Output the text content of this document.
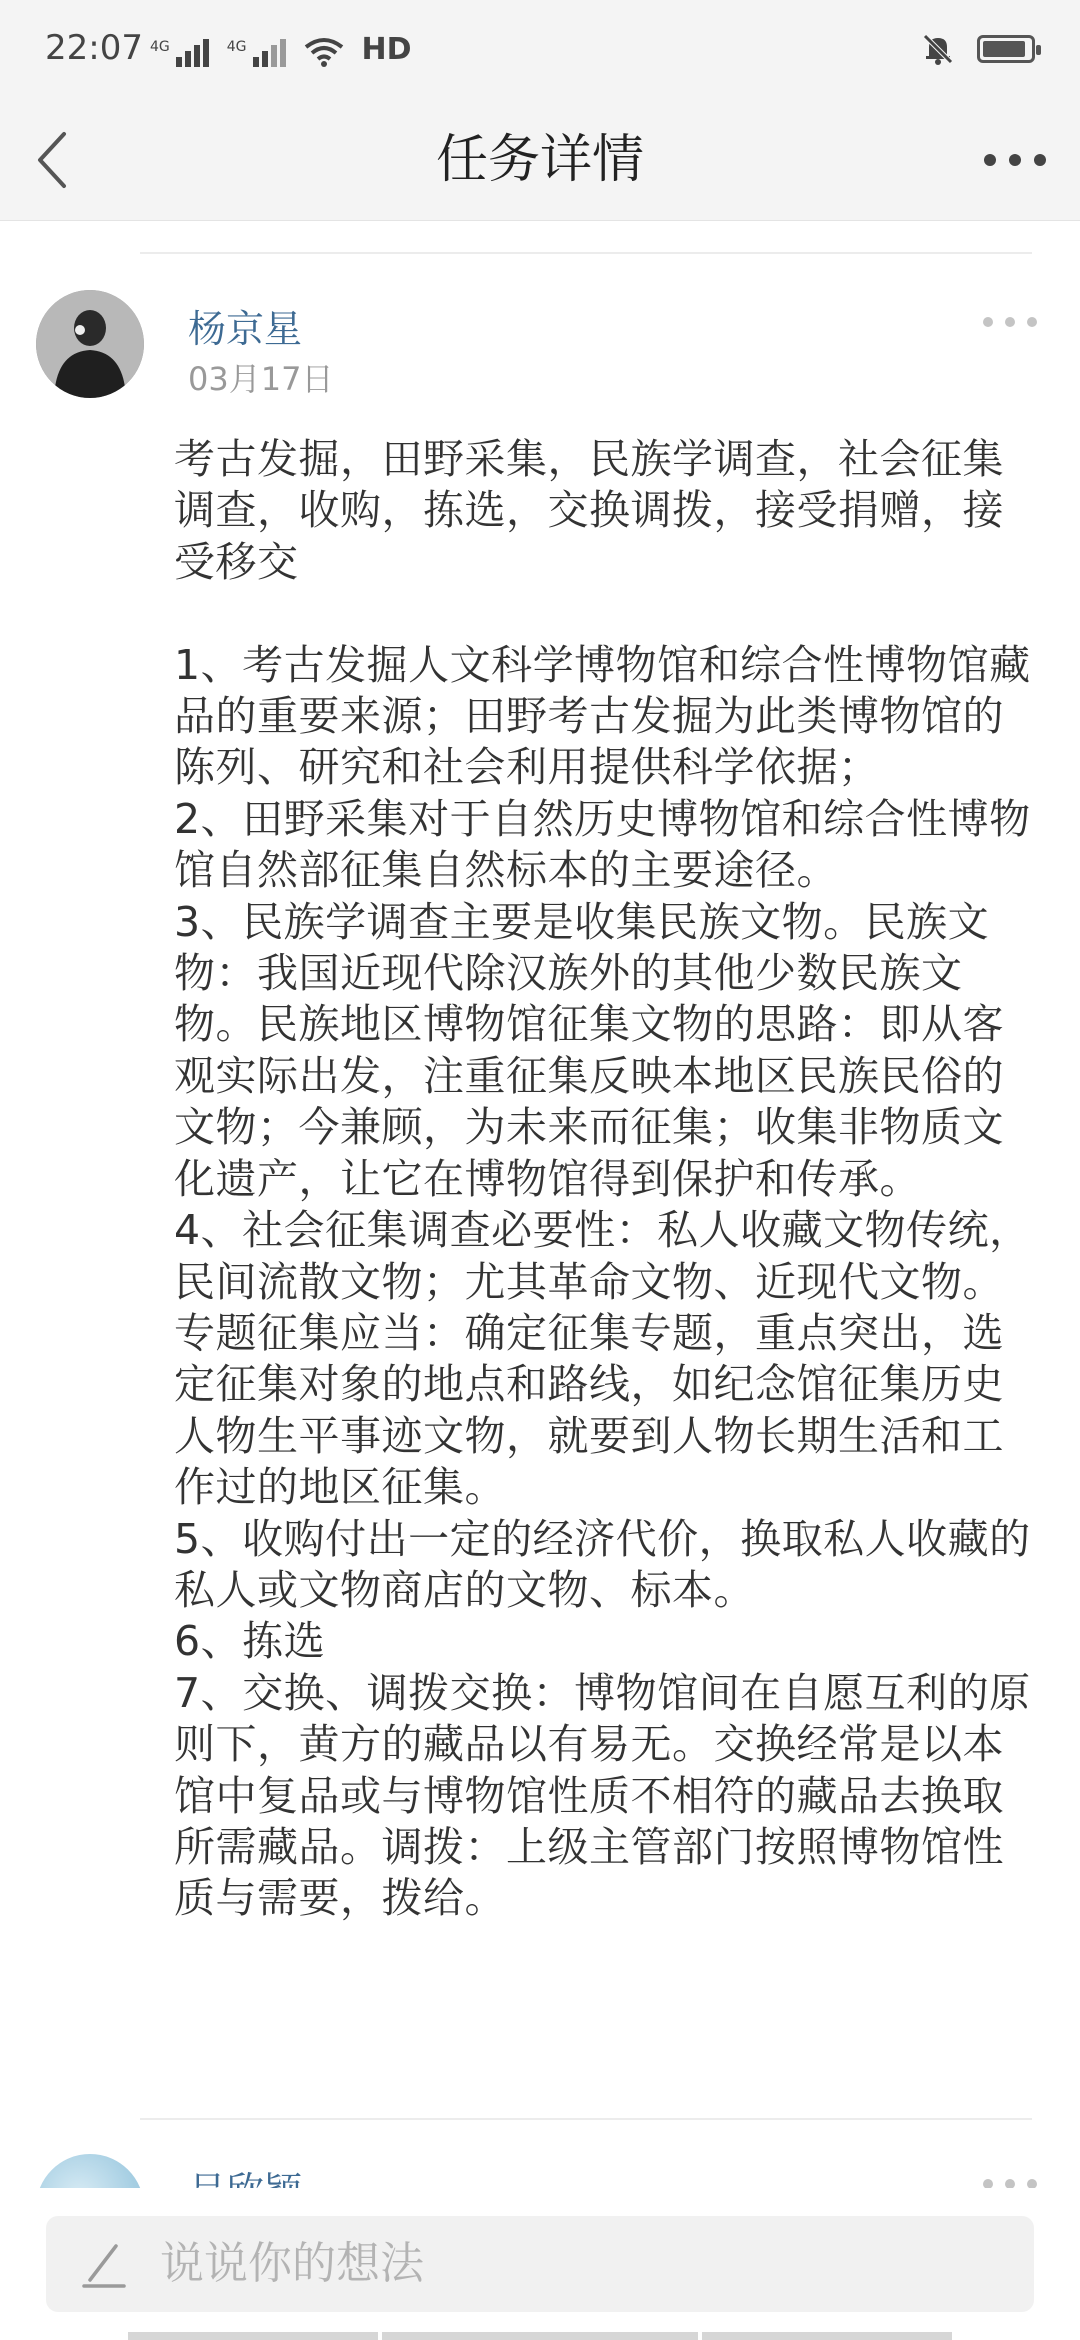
22:07 4G	4G	HD
任务详情
杨京星
03月17日
考古发掘，田野采集，民族学调查，社会征集调查，收购，拣选，交换调拨，接受捐赠，接受移交

1、考古发掘人文科学博物馆和综合性博物馆藏品的重要来源；田野考古发掘为此类博物馆的陈列、研究和社会利用提供科学依据；
2、田野采集对于自然历史博物馆和综合性博物馆自然部征集自然标本的主要途径。
3、民族学调查主要是收集民族文物。民族文物：我国近现代除汉族外的其他少数民族文物。民族地区博物馆征集文物的思路：即从客观实际出发，注重征集反映本地区民族民俗的文物；今兼顾，为未来而征集；收集非物质文化遗产，让它在博物馆得到保护和传承。
4、社会征集调查必要性：私人收藏文物传统，民间流散文物；尤其革命文物、近现代文物。专题征集应当：确定征集专题，重点突出，选定征集对象的地点和路线，如纪念馆征集历史人物生平事迹文物，就要到人物长期生活和工作过的地区征集。
5、收购付出一定的经济代价，换取私人收藏的私人或文物商店的文物、标本。
6、拣选
7、交换、调拨交换：博物馆间在自愿互利的原则下，黄方的藏品以有易无。交换经常是以本馆中复品或与博物馆性质不相符的藏品去换取所需藏品。调拨：上级主管部门按照博物馆性质与需要，拨给。
说说你的想法
